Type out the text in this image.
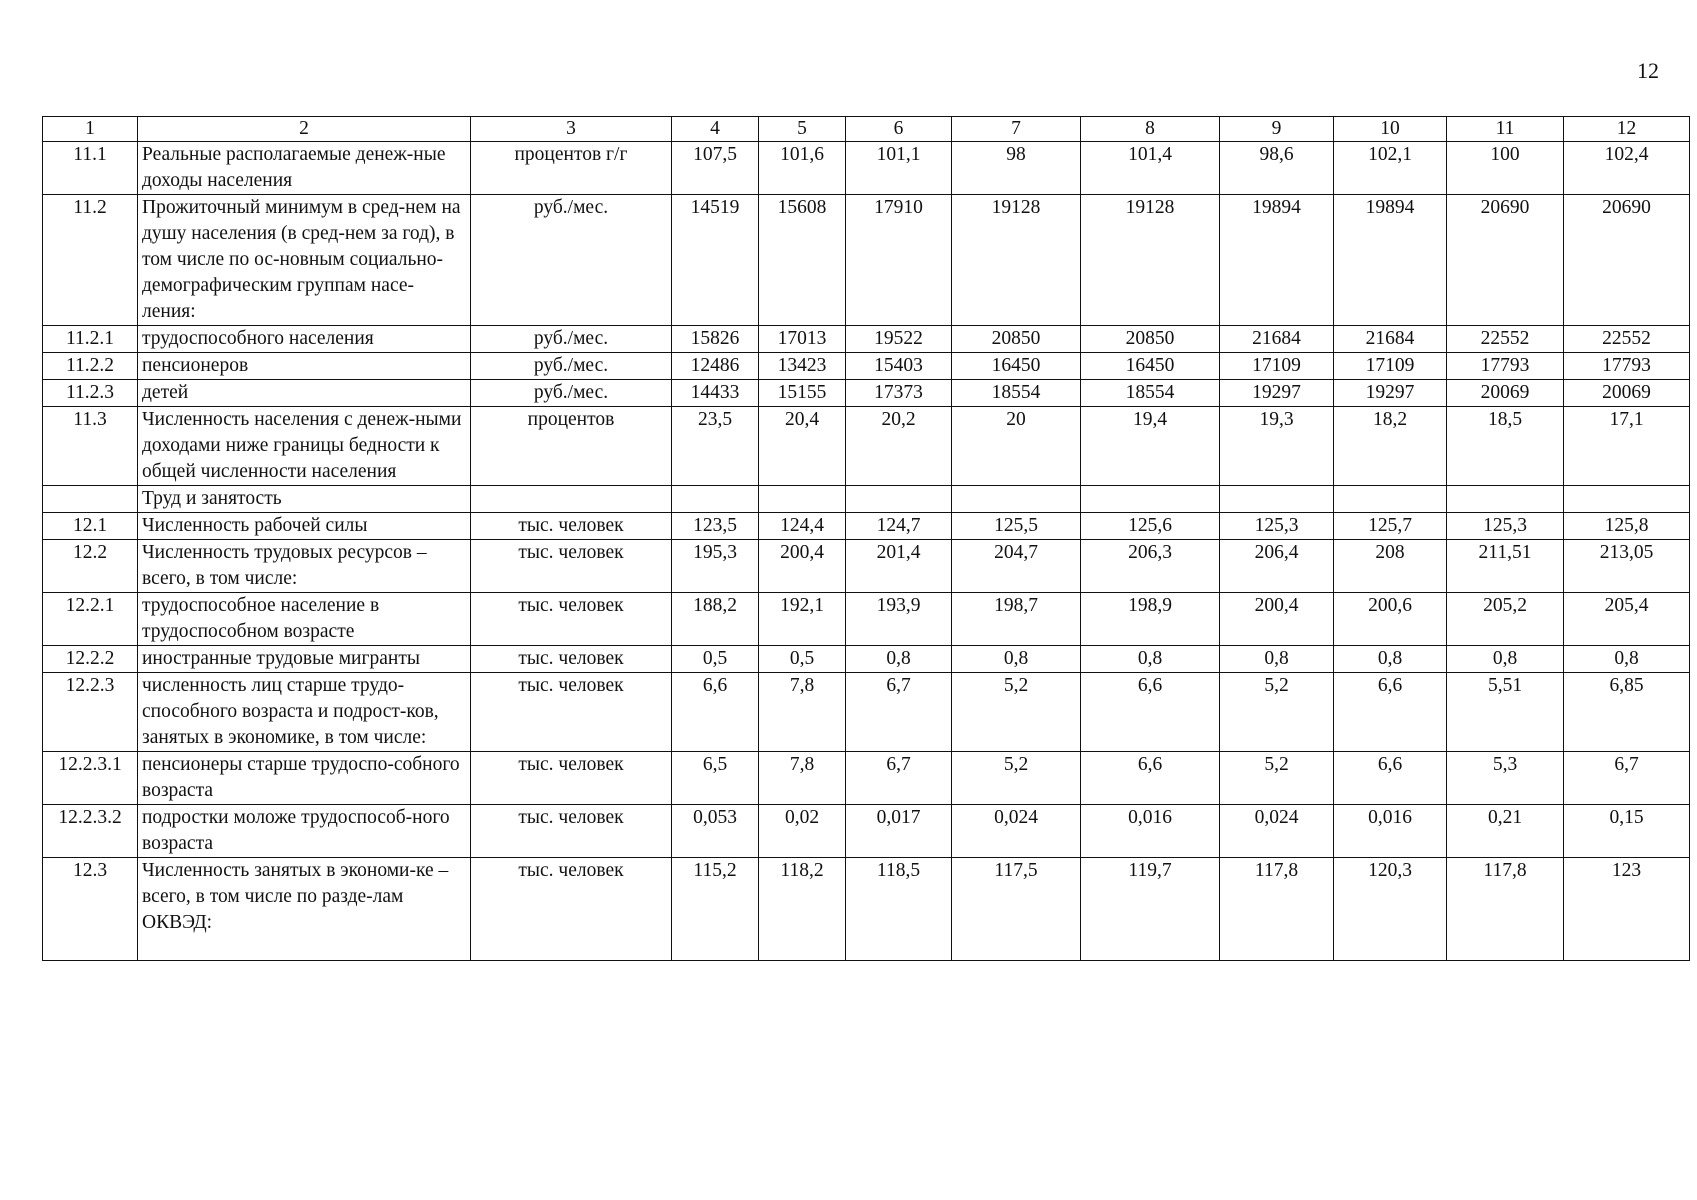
12
1	2	3	4	5	6	7	8	9	10	11	12
11.1	Реальные располагаемые денеж-ные доходы населения	процентов г/г	107,5	101,6	101,1	98	101,4	98,6	102,1	100	102,4
11.2	Прожиточный минимум в сред-нем на душу населения (в сред-нем за год), в том числе по ос-новным социально-демографическим группам насе-ления:	руб./мес.	14519	15608	17910	19128	19128	19894	19894	20690	20690
11.2.1	трудоспособного населения	руб./мес.	15826	17013	19522	20850	20850	21684	21684	22552	22552
11.2.2	пенсионеров	руб./мес.	12486	13423	15403	16450	16450	17109	17109	17793	17793
11.2.3	детей	руб./мес.	14433	15155	17373	18554	18554	19297	19297	20069	20069
11.3	Численность населения с денеж-ными доходами ниже границы бедности к общей численности населения	процентов	23,5	20,4	20,2	20	19,4	19,3	18,2	18,5	17,1
	Труд и занятость										
12.1	Численность рабочей силы	тыс. человек	123,5	124,4	124,7	125,5	125,6	125,3	125,7	125,3	125,8
12.2	Численность трудовых ресурсов – всего, в том числе:	тыс. человек	195,3	200,4	201,4	204,7	206,3	206,4	208	211,51	213,05
12.2.1	трудоспособное население в трудоспособном возрасте	тыс. человек	188,2	192,1	193,9	198,7	198,9	200,4	200,6	205,2	205,4
12.2.2	иностранные трудовые мигранты	тыс. человек	0,5	0,5	0,8	0,8	0,8	0,8	0,8	0,8	0,8
12.2.3	численность лиц старше трудо-способного возраста и подрост-ков, занятых в экономике, в том числе:	тыс. человек	6,6	7,8	6,7	5,2	6,6	5,2	6,6	5,51	6,85
12.2.3.1	пенсионеры старше трудоспо-собного возраста	тыс. человек	6,5	7,8	6,7	5,2	6,6	5,2	6,6	5,3	6,7
12.2.3.2	подростки моложе трудоспособ-ного возраста	тыс. человек	0,053	0,02	0,017	0,024	0,016	0,024	0,016	0,21	0,15
12.3	Численность занятых в экономи-ке – всего, в том числе по разде-лам ОКВЭД:	тыс. человек	115,2	118,2	118,5	117,5	119,7	117,8	120,3	117,8	123
